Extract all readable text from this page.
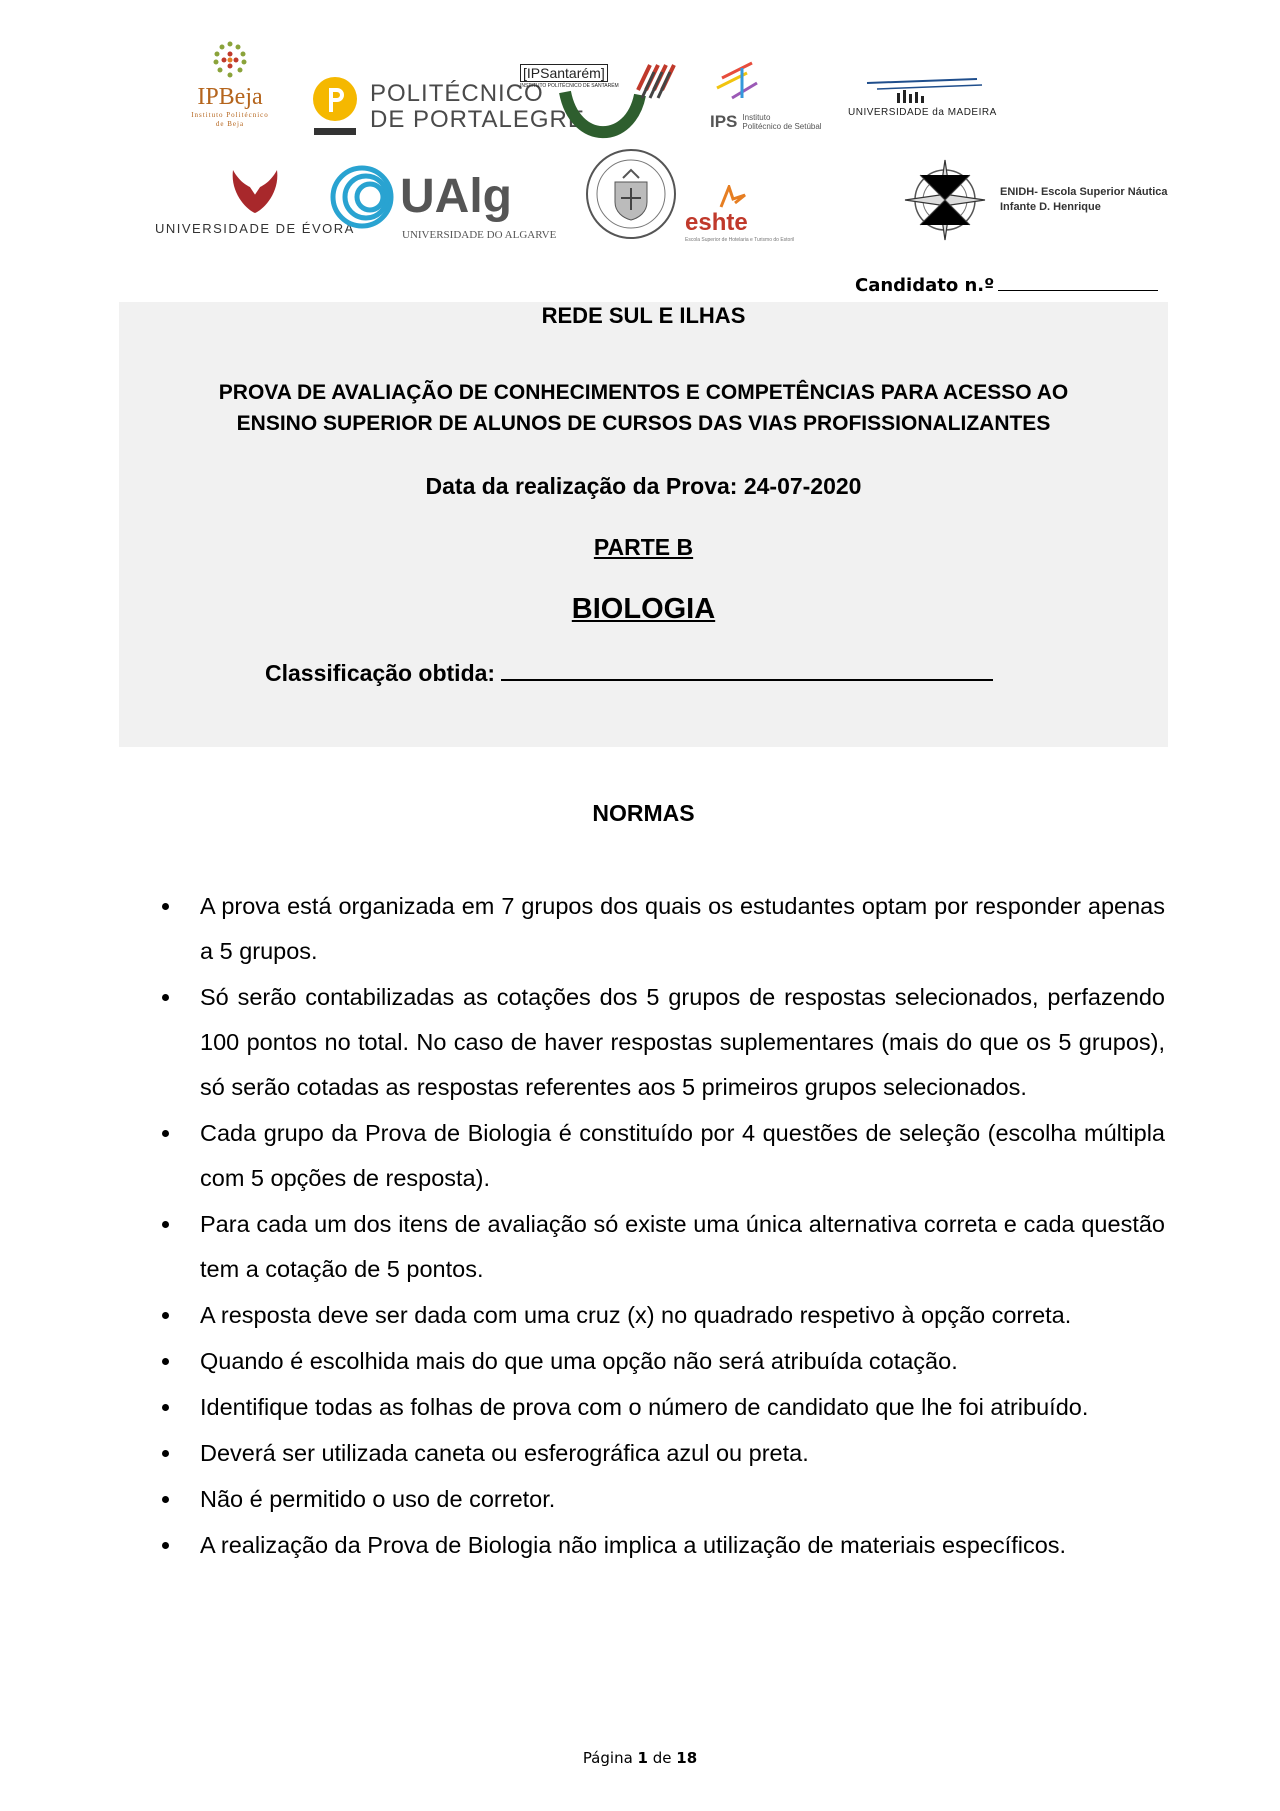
IPBeja
Instituto Politécnico
de Beja
POLITÉCNICO
DE PORTALEGRE
[IPSantarém]
INSTITUTO POLITÉCNICO DE SANTARÉM
IPS Instituto
Politécnico de Setúbal
UNIVERSIDADE da MADEIRA
UNIVERSIDADE DE ÉVORA
UAlg
UNIVERSIDADE DO ALGARVE	eshte
Escola Superior de Hotelaria e Turismo do Estoril
ENIDH- Escola Superior Náutica
Infante D. Henrique
Candidato n.º
REDE SUL E ILHAS
PROVA DE AVALIAÇÃO DE CONHECIMENTOS E COMPETÊNCIAS PARA ACESSO AO
ENSINO SUPERIOR DE ALUNOS DE CURSOS DAS VIAS PROFISSIONALIZANTES
Data da realização da Prova: 24-07-2020
PARTE B
BIOLOGIA
Classificação obtida:
NORMAS
A prova está organizada em 7 grupos dos quais os estudantes optam por responder apenas a 5 grupos.
Só serão contabilizadas as cotações dos 5 grupos de respostas selecionados, perfazendo 100 pontos no total. No caso de haver respostas suplementares (mais do que os 5 grupos), só serão cotadas as respostas referentes aos 5 primeiros grupos selecionados.
Cada grupo da Prova de Biologia é constituído por 4 questões de seleção (escolha múltipla com 5 opções de resposta).
Para cada um dos itens de avaliação só existe uma única alternativa correta e cada questão tem a cotação de 5 pontos.
A resposta deve ser dada com uma cruz (x) no quadrado respetivo à opção correta.
Quando é escolhida mais do que uma opção não será atribuída cotação.
Identifique todas as folhas de prova com o número de candidato que lhe foi atribuído.
Deverá ser utilizada caneta ou esferográfica azul ou preta.
Não é permitido o uso de corretor.
A realização da Prova de Biologia não implica a utilização de materiais específicos.
Página 1 de 18
